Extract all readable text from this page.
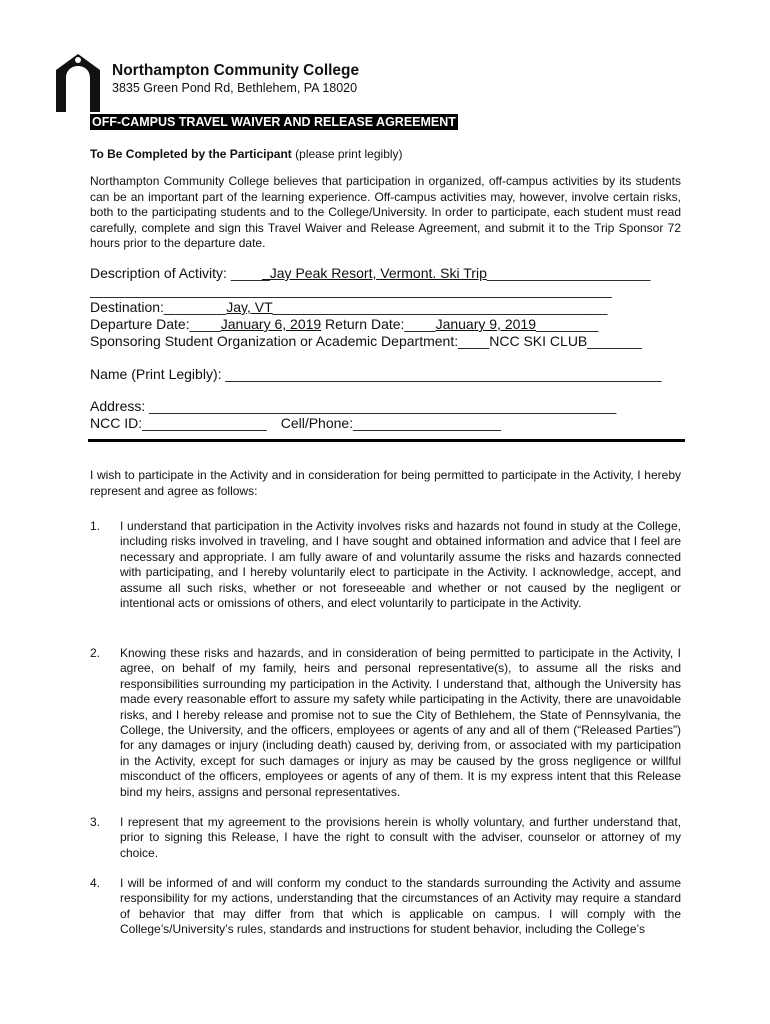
Northampton Community College
3835 Green Pond Rd, Bethlehem, PA 18020
OFF-CAMPUS TRAVEL WAIVER AND RELEASE AGREEMENT
To Be Completed by the Participant (please print legibly)
Northampton Community College believes that participation in organized, off-campus activities by its students can be an important part of the learning experience. Off-campus activities may, however, involve certain risks, both to the participating students and to the College/University. In order to participate, each student must read carefully, complete and sign this Travel Waiver and Release Agreement, and submit it to the Trip Sponsor 72 hours prior to the departure date.
Description of Activity: _____Jay Peak Resort, Vermont. Ski Trip_____________________
___________________________________________________________________
Destination:________Jay, VT___________________________________________
Departure Date:____January 6, 2019 Return Date:____January 9, 2019________
Sponsoring Student Organization or Academic Department:____NCC SKI CLUB_______
Name (Print Legibly): ________________________________________________________
Address: ____________________________________________________________
NCC ID:________________ Cell/Phone:___________________
I wish to participate in the Activity and in consideration for being permitted to participate in the Activity, I hereby represent and agree as follows:
1. I understand that participation in the Activity involves risks and hazards not found in study at the College, including risks involved in traveling, and I have sought and obtained information and advice that I feel are necessary and appropriate. I am fully aware of and voluntarily assume the risks and hazards connected with participating, and I hereby voluntarily elect to participate in the Activity. I acknowledge, accept, and assume all such risks, whether or not foreseeable and whether or not caused by the negligent or intentional acts or omissions of others, and elect voluntarily to participate in the Activity.
2. Knowing these risks and hazards, and in consideration of being permitted to participate in the Activity, I agree, on behalf of my family, heirs and personal representative(s), to assume all the risks and responsibilities surrounding my participation in the Activity. I understand that, although the University has made every reasonable effort to assure my safety while participating in the Activity, there are unavoidable risks, and I hereby release and promise not to sue the City of Bethlehem, the State of Pennsylvania, the College, the University, and the officers, employees or agents of any and all of them (“Released Parties”) for any damages or injury (including death) caused by, deriving from, or associated with my participation in the Activity, except for such damages or injury as may be caused by the gross negligence or willful misconduct of the officers, employees or agents of any of them. It is my express intent that this Release bind my heirs, assigns and personal representatives.
3. I represent that my agreement to the provisions herein is wholly voluntary, and further understand that, prior to signing this Release, I have the right to consult with the adviser, counselor or attorney of my choice.
4. I will be informed of and will conform my conduct to the standards surrounding the Activity and assume responsibility for my actions, understanding that the circumstances of an Activity may require a standard of behavior that may differ from that which is applicable on campus. I will comply with the College’s/University’s rules, standards and instructions for student behavior, including the College’s
